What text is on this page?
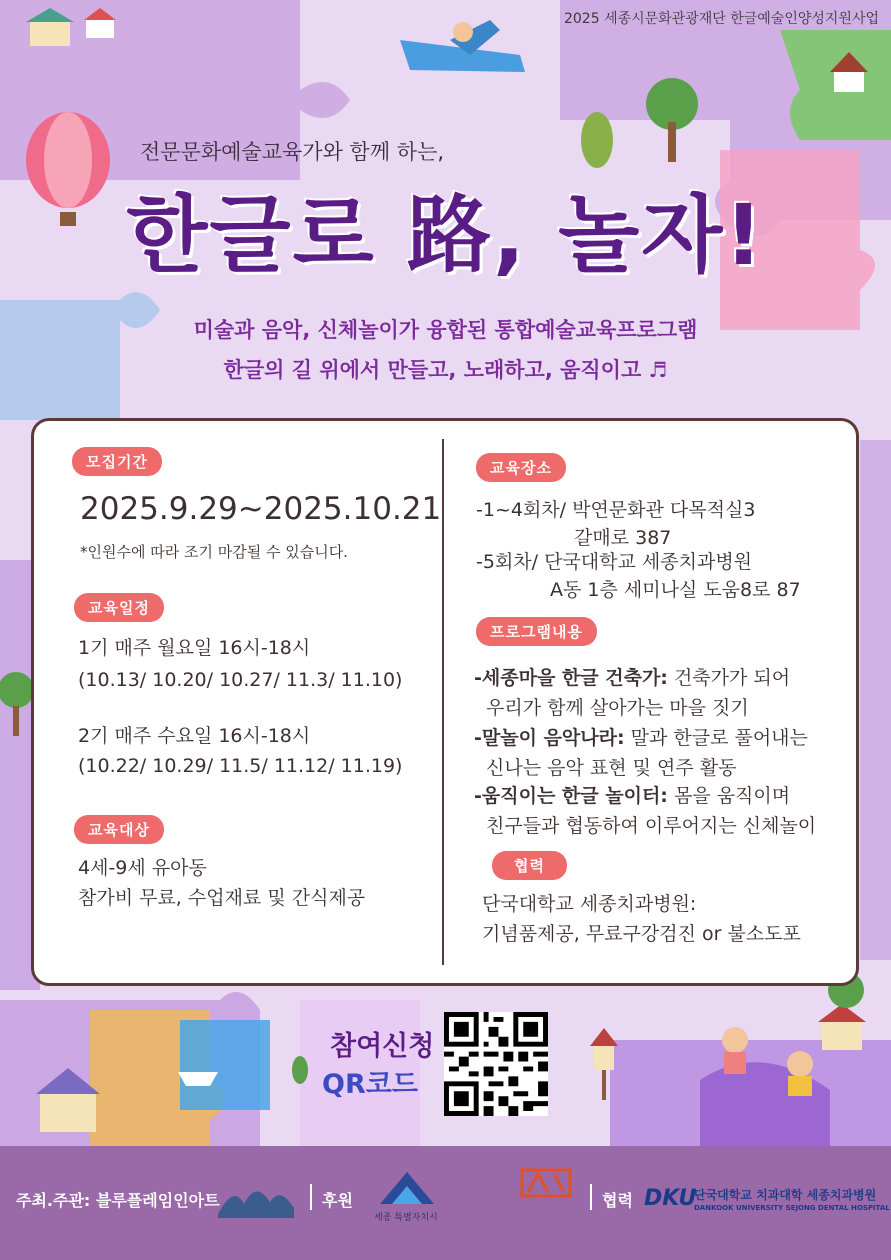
2025 세종시문화관광재단 한글예술인양성지원사업
전문문화예술교육가와 함께 하는,
한글로 路, 놀자!
미술과 음악, 신체놀이가 융합된 통합예술교육프로그램
한글의 길 위에서 만들고, 노래하고, 움직이고 ♬
모집기간
2025.9.29~2025.10.21
*인원수에 따라 조기 마감될 수 있습니다.
교육일정
1기 매주 월요일 16시-18시
(10.13/ 10.20/ 10.27/ 11.3/ 11.10)
2기 매주 수요일 16시-18시
(10.22/ 10.29/ 11.5/ 11.12/ 11.19)
교육대상
4세-9세 유아동
참가비 무료, 수업재료 및 간식제공
교육장소
-1~4회차/ 박연문화관 다목적실3
갈매로 387
-5회차/ 단국대학교 세종치과병원
A동 1층 세미나실 도움8로 87
프로그램내용
-세종마을 한글 건축가: 건축가가 되어
우리가 함께 살아가는 마을 짓기
-말놀이 음악나라: 말과 한글로 풀어내는
신나는 음악 표현 및 연주 활동
-움직이는 한글 놀이터: 몸을 움직이며
친구들과 협동하여 이루어지는 신체놀이
협력
단국대학교 세종치과병원:
기념품제공, 무료구강검진 or 불소도포
참여신청
QR코드
주최.주관: 블루플레임인아트	후원
세종 특별자치시
협력 DKU
단국대학교 치과대학 세종치과병원
DANKOOK UNIVERSITY SEJONG DENTAL HOSPITAL
